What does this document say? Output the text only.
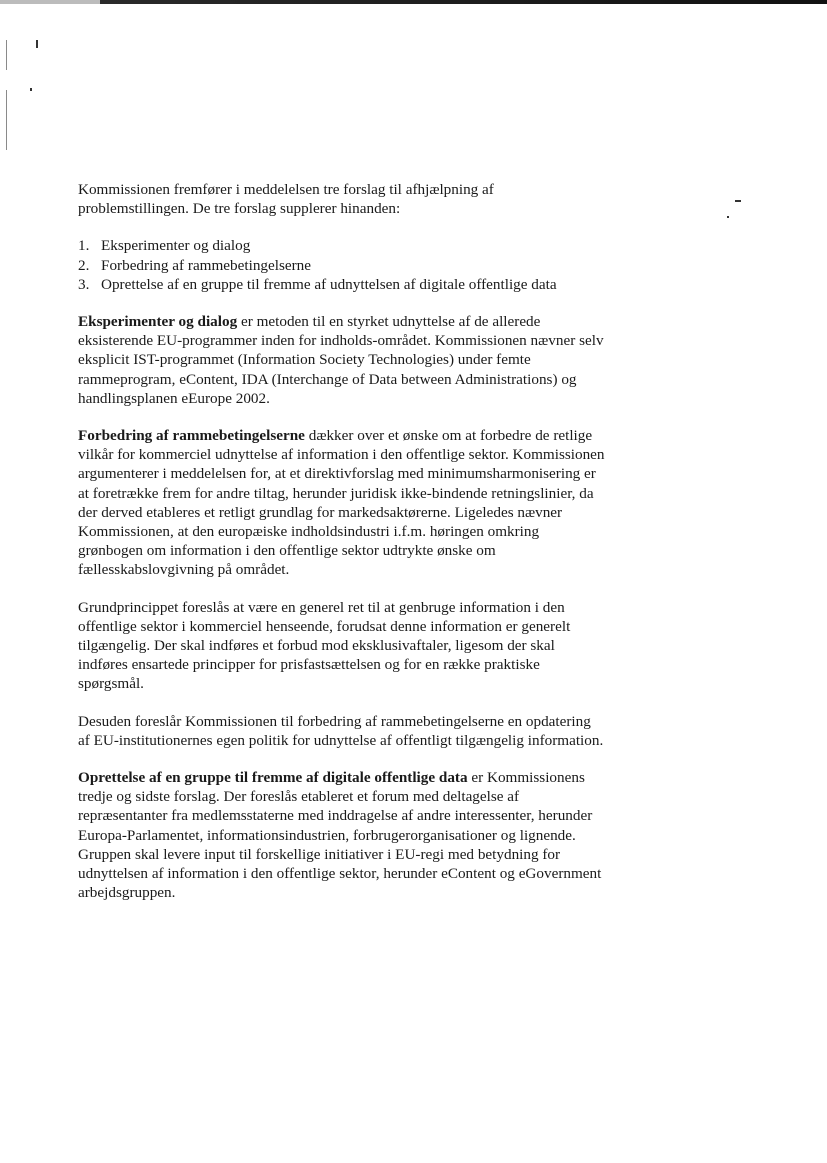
Kommissionen fremfører i meddelelsen tre forslag til afhjælpning af problemstillingen. De tre forslag supplerer hinanden:

1. Eksperimenter og dialog
2. Forbedring af rammebetingelserne
3. Oprettelse af en gruppe til fremme af udnyttelsen af digitale offentlige data

Eksperimenter og dialog er metoden til en styrket udnyttelse af de allerede eksisterende EU-programmer inden for indholds-området. Kommissionen nævner selv eksplicit IST-programmet (Information Society Technologies) under femte rammeprogram, eContent, IDA (Interchange of Data between Administrations) og handlingsplanen eEurope 2002.

Forbedring af rammebetingelserne dækker over et ønske om at forbedre de retlige vilkår for kommerciel udnyttelse af information i den offentlige sektor. Kommissionen argumenterer i meddelelsen for, at et direktivforslag med minimumsharmonisering er at foretrække frem for andre tiltag, herunder juridisk ikke-bindende retningslinier, da der derved etableres et retligt grundlag for markedsaktørerne. Ligeledes nævner Kommissionen, at den europæiske indholdsindustri i.f.m. høringen omkring grønbogen om information i den offentlige sektor udtrykte ønske om fællesskabslovgivning på området.

Grundprincippet foreslås at være en generel ret til at genbruge information i den offentlige sektor i kommerciel henseende, forudsat denne information er generelt tilgængelig. Der skal indføres et forbud mod eksklusivaftaler, ligesom der skal indføres ensartede principper for prisfastsættelsen og for en række praktiske spørgsmål.

Desuden foreslår Kommissionen til forbedring af rammebetingelserne en opdatering af EU-institutionernes egen politik for udnyttelse af offentligt tilgængelig information.

Oprettelse af en gruppe til fremme af digitale offentlige data er Kommissionens tredje og sidste forslag. Der foreslås etableret et forum med deltagelse af repræsentanter fra medlemsstaterne med inddragelse af andre interessenter, herunder Europa-Parlamentet, informationsindustrien, forbrugerorganisationer og lignende. Gruppen skal levere input til forskellige initiativer i EU-regi med betydning for udnyttelsen af information i den offentlige sektor, herunder eContent og eGovernment arbejdsgruppen.
